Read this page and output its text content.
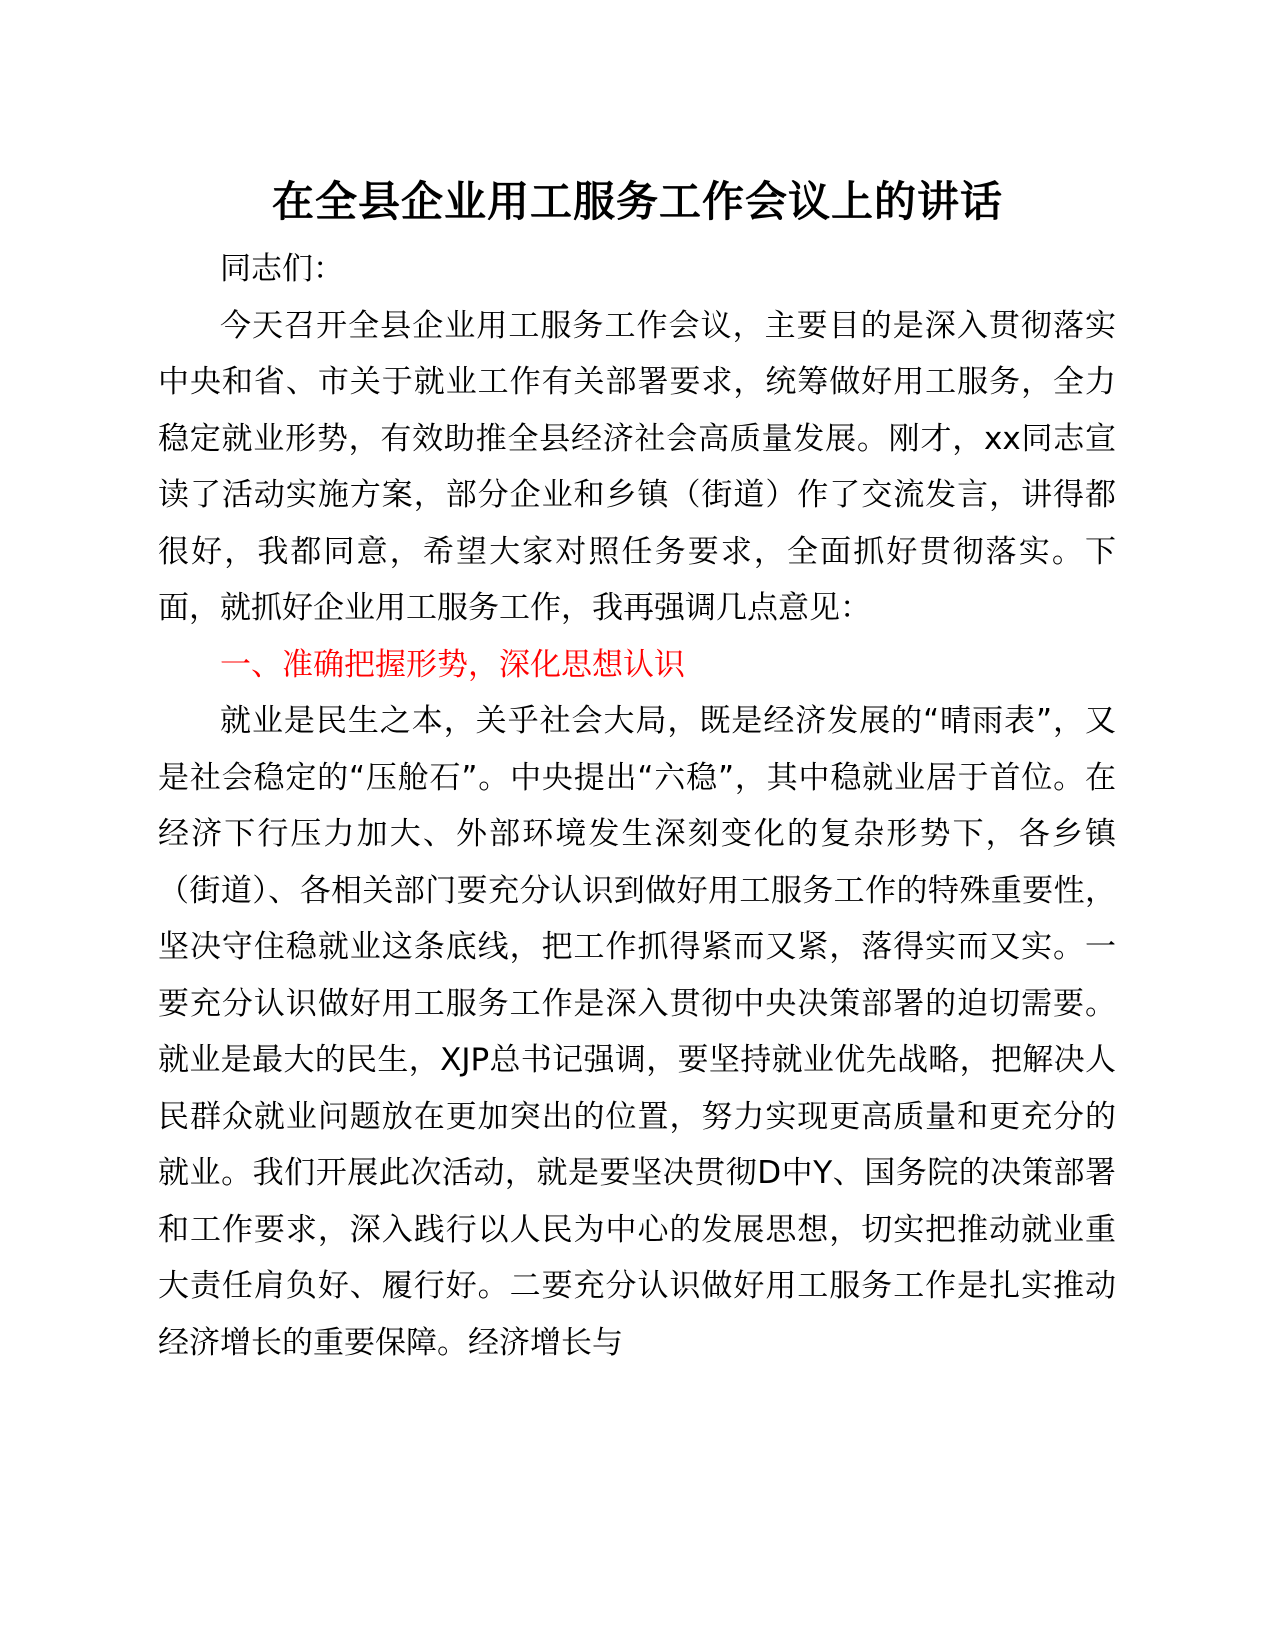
在全县企业用工服务工作会议上的讲话

同志们：

今天召开全县企业用工服务工作会议，主要目的是深入贯彻落实中央和省、市关于就业工作有关部署要求，统筹做好用工服务，全力稳定就业形势，有效助推全县经济社会高质量发展。刚才，xx同志宣读了活动实施方案，部分企业和乡镇（街道）作了交流发言，讲得都很好，我都同意，希望大家对照任务要求，全面抓好贯彻落实。下面，就抓好企业用工服务工作，我再强调几点意见：

一、准确把握形势，深化思想认识

就业是民生之本，关乎社会大局，既是经济发展的“晴雨表”，又是社会稳定的“压舱石”。中央提出“六稳”，其中稳就业居于首位。在经济下行压力加大、外部环境发生深刻变化的复杂形势下，各乡镇（街道）、各相关部门要充分认识到做好用工服务工作的特殊重要性，坚决守住稳就业这条底线，把工作抓得紧而又紧，落得实而又实。一要充分认识做好用工服务工作是深入贯彻中央决策部署的迫切需要。就业是最大的民生，XJP总书记强调，要坚持就业优先战略，把解决人民群众就业问题放在更加突出的位置，努力实现更高质量和更充分的就业。我们开展此次活动，就是要坚决贯彻D中Y、国务院的决策部署和工作要求，深入践行以人民为中心的发展思想，切实把推动就业重大责任肩负好、履行好。二要充分认识做好用工服务工作是扎实推动经济增长的重要保障。经济增长与
